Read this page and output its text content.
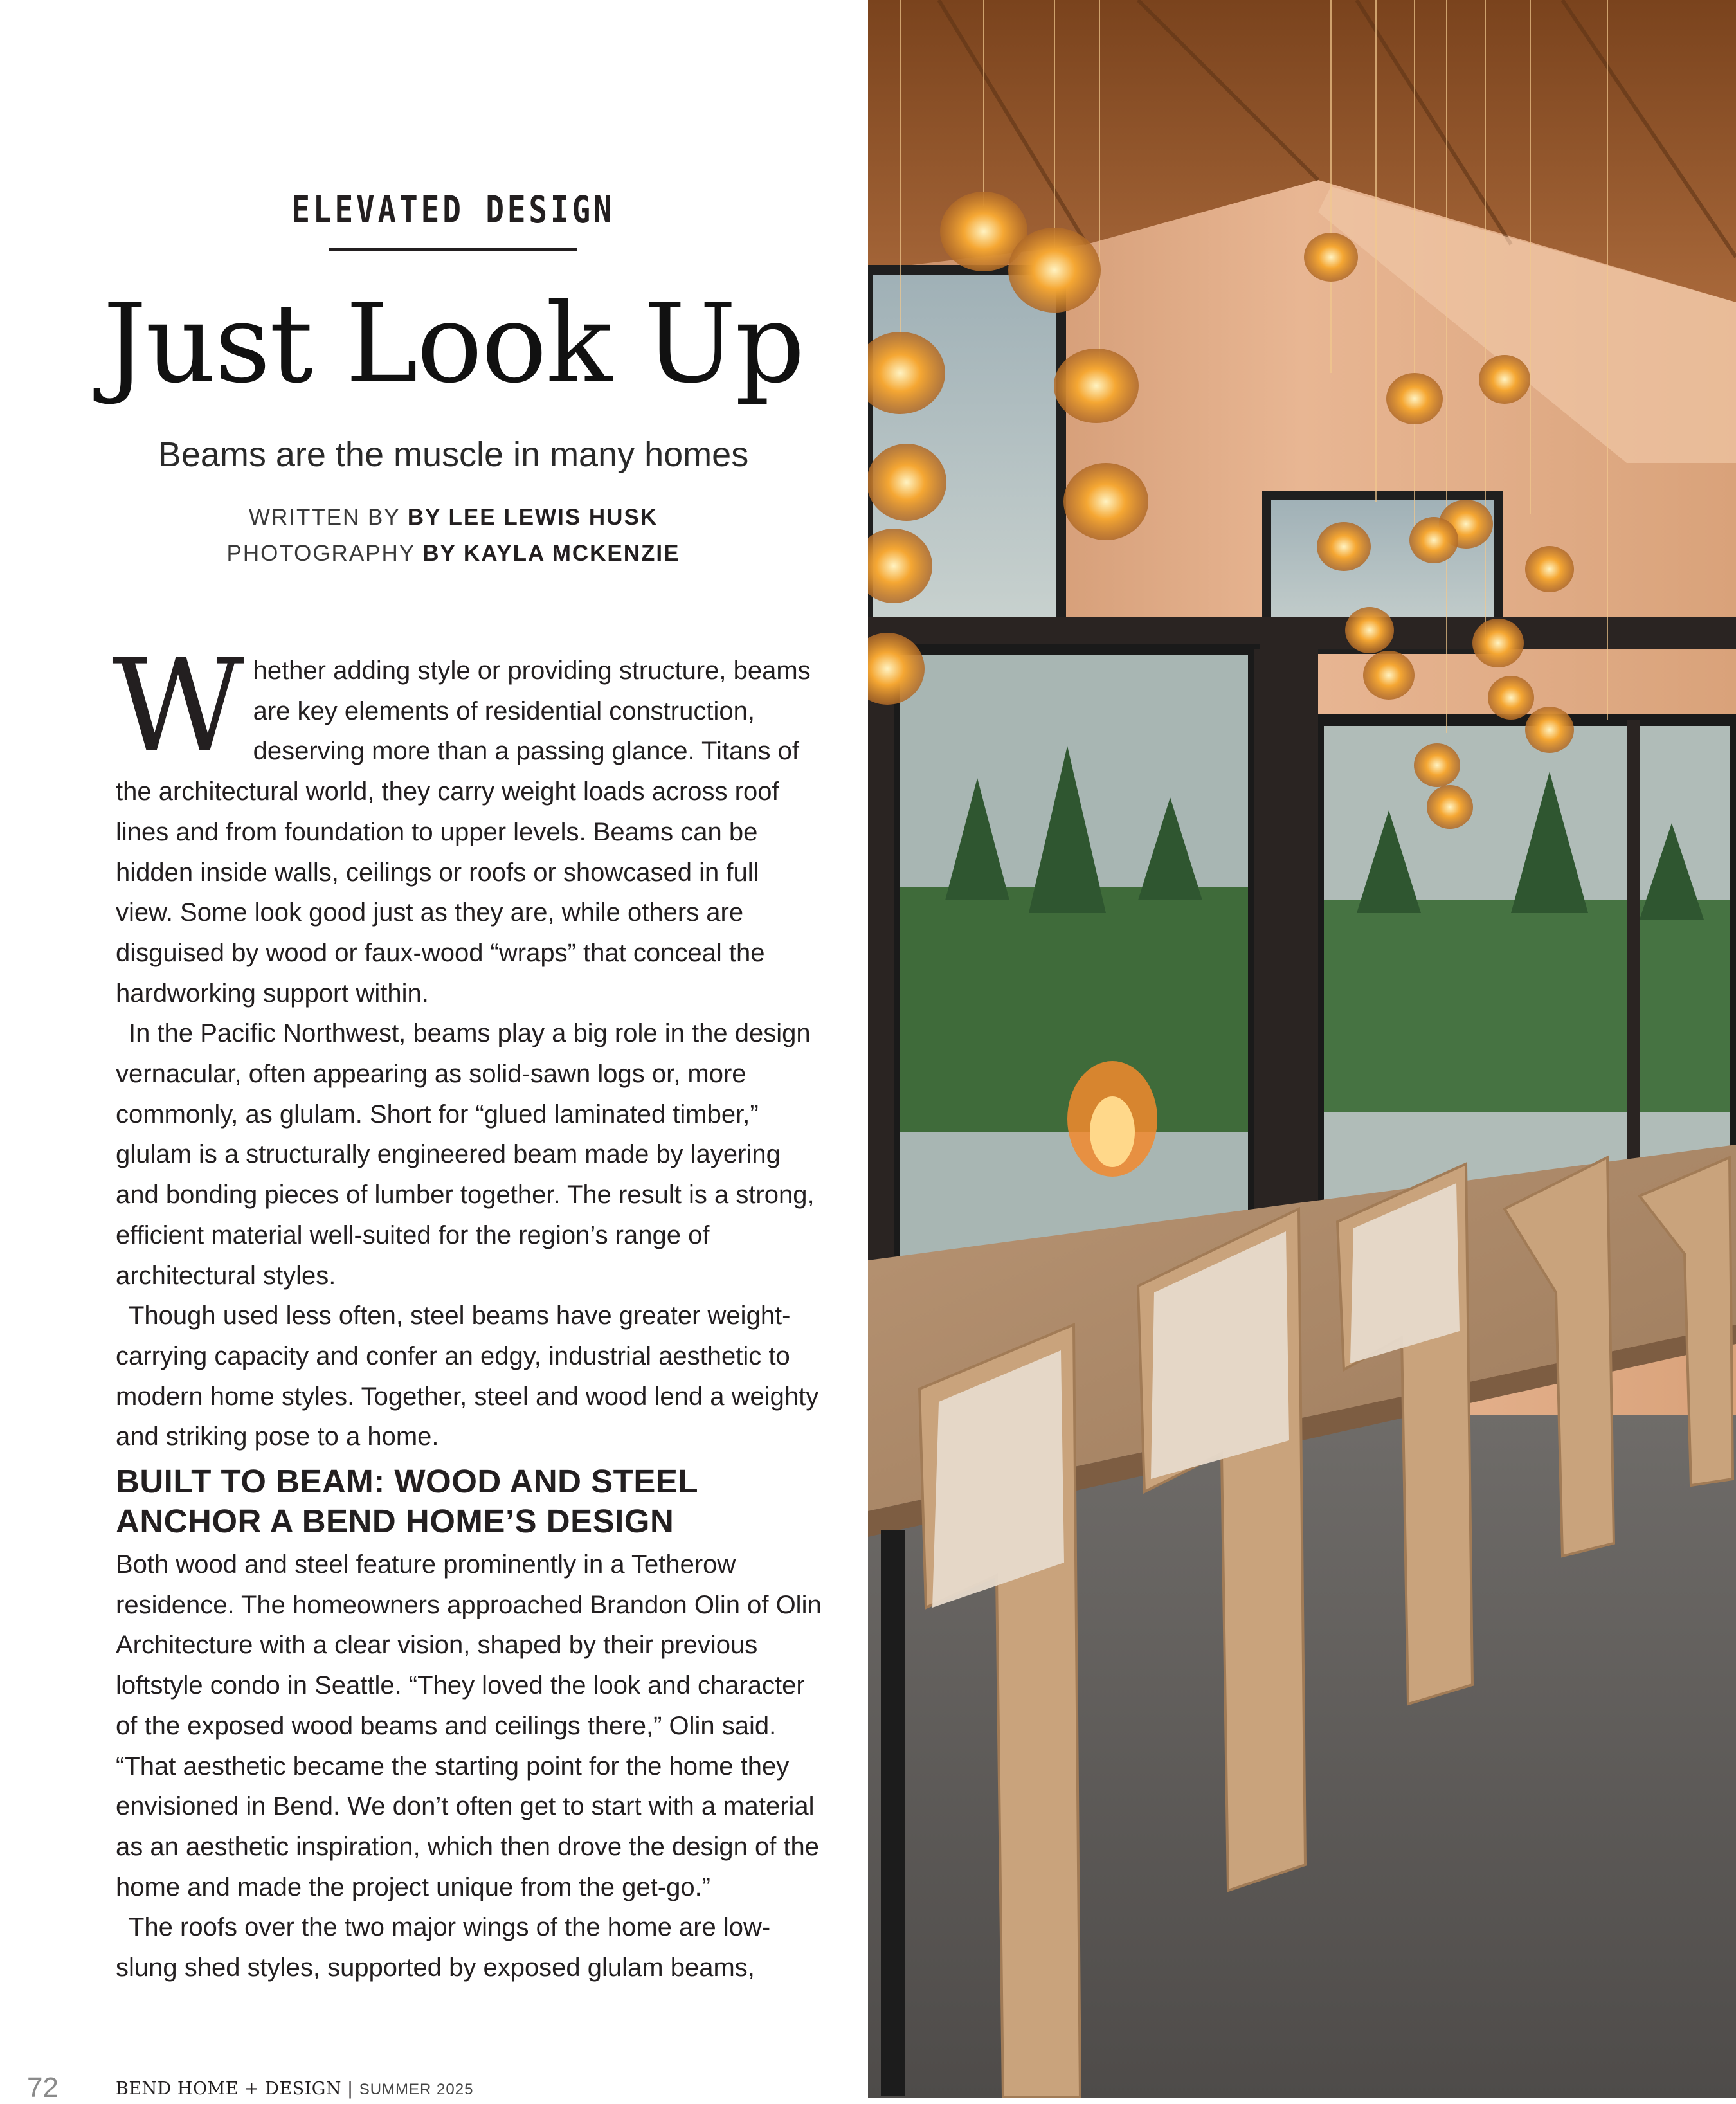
ELEVATED DESIGN
Just Look Up
Beams are the muscle in many homes
WRITTEN BY BY LEE LEWIS HUSK
PHOTOGRAPHY BY KAYLA MCKENZIE

Whether adding style or providing structure, beams are key elements of residential construction, deserving more than a passing glance. Titans of the architectural world, they carry weight loads across roof lines and from foundation to upper levels. Beams can be hidden inside walls, ceilings or roofs or showcased in full view. Some look good just as they are, while others are disguised by wood or faux-wood “wraps” that conceal the hardworking support within.

In the Pacific Northwest, beams play a big role in the design vernacular, often appearing as solid-sawn logs or, more commonly, as glulam. Short for “glued laminated timber,” glulam is a structurally engineered beam made by layering and bonding pieces of lumber together. The result is a strong, efficient material well-suited for the region’s range of architectural styles.

Though used less often, steel beams have greater weight-carrying capacity and confer an edgy, industrial aesthetic to modern home styles. Together, steel and wood lend a weighty and striking pose to a home.

BUILT TO BEAM: WOOD AND STEEL ANCHOR A BEND HOME’S DESIGN

Both wood and steel feature prominently in a Tetherow residence. The homeowners approached Brandon Olin of Olin Architecture with a clear vision, shaped by their previous loftstyle condo in Seattle. “They loved the look and character of the exposed wood beams and ceilings there,” Olin said. “That aesthetic became the starting point for the home they envisioned in Bend. We don’t often get to start with a material as an aesthetic inspiration, which then drove the design of the home and made the project unique from the get-go.”

The roofs over the two major wings of the home are low-slung shed styles, supported by exposed glulam beams,

72	BEND HOME + DESIGN | SUMMER 2025
